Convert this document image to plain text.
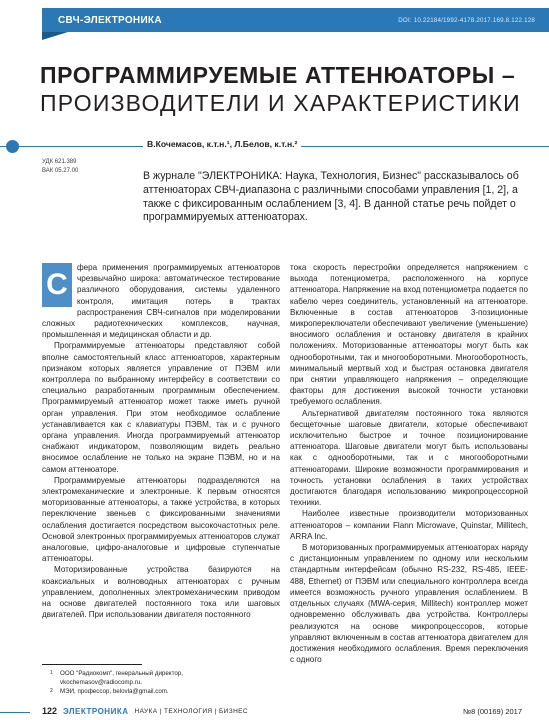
СВЧ-ЭЛЕКТРОНИКА	DOI: 10.22184/1992-4178.2017.169.8.122.128
ПРОГРАММИРУЕМЫЕ АТТЕНЮАТОРЫ –
ПРОИЗВОДИТЕЛИ И ХАРАКТЕРИСТИКИ
В.Кочемасов, к.т.н.¹, Л.Белов, к.т.н.²
УДК 621.389
ВАК 05.27.00	В журнале "ЭЛЕКТРОНИКА: Наука, Технология, Бизнес" рассказывалось об аттенюаторах СВЧ-диапазона с различными способами управления [1, 2], а также с фиксированным ослаблением [3, 4]. В данной статье речь пойдет о программируемых аттенюаторах.
С

фера применения программируемых аттенюаторов чрезвычайно широка: автоматическое тестирование различного оборудования, системы удаленного контроля, имитация потерь в трактах распространения СВЧ-сигналов при моделировании сложных радиотехнических комплексов, научная, промышленная и медицинская области и др.

Программируемые аттенюаторы представляют собой вполне самостоятельный класс аттенюаторов, характерным признаком которых является управление от ПЭВМ или контроллера по выбранному интерфейсу в соответствии со специально разработанным программным обеспечением. Программируемый аттенюатор может также иметь ручной орган управления. При этом необходимое ослабление устанавливается как с клавиатуры ПЭВМ, так и с ручного органа управления. Иногда программируемый аттенюатор снабжают индикатором, позволяющим видеть реально вносимое ослабление не только на экране ПЭВМ, но и на самом аттенюаторе.

Программируемые аттенюаторы подразделяются на электромеханические и электронные. К первым относятся моторизованные аттенюаторы, а также устройства, в которых переключение звеньев с фиксированными значениями ослабления достигается посредством высокочастотных реле. Основой электронных программируемых аттенюаторов служат аналоговые, цифро-аналоговые и цифровые ступенчатые аттенюаторы.

Моторизированные устройства базируются на коаксиальных и волноводных аттенюаторах с ручным управлением, дополненных электромеханическим приводом на основе двигателей постоянного тока или шаговых двигателей. При использовании двигателя постоянного

тока скорость перестройки определяется напряжением с выхода потенциометра, расположенного на корпусе аттенюатора. Напряжение на вход потенциометра подается по кабелю через соединитель, установленный на аттенюаторе. Включенные в состав аттенюаторов 3-позиционные микропереключатели обеспечивают увеличение (уменьшение) вносимого ослабления и остановку двигателя в крайних положениях. Моторизованные аттенюаторы могут быть как однооборотными, так и многооборотными. Многооборотность, минимальный мертвый ход и быстрая остановка двигателя при снятии управляющего напряжения – определяющие факторы для достижения высокой точности установки требуемого ослабления.

Альтернативой двигателям постоянного тока являются бесщеточные шаговые двигатели, которые обеспечивают исключительно быстрое и точное позиционирование аттенюатора. Шаговые двигатели могут быть использованы как с однооборотными, так и с многооборотными аттенюаторами. Широкие возможности программирования и точность установки ослабления в таких устройствах достигаются благодаря использованию микропроцессорной техники.

Наиболее известные производители моторизованных аттенюаторов – компании Flann Microwave, Quinstar, Millitech, ARRA Inc.

В моторизованных программируемых аттенюаторах наряду с дистанционным управлением по одному или нескольким стандартным интерфейсам (обычно RS-232, RS-485, IEEE-488, Ethernet) от ПЭВМ или специального контроллера всегда имеется возможность ручного управления ослаблением. В отдельных случаях (MWA-серия, Millitech) контроллер может одновременно обслуживать два устройства. Контроллеры реализуются на основе микропроцессоров, которые управляют включенным в состав аттенюатора двигателем для достижения необходимого ослабления. Время переключения с одного

1	ООО "Радиокомп", генеральный директор,
vkochemasov@radiocomp.ru.
2	МЭИ, профессор, belovla@gmail.com.
122 ЭЛЕКТРОНИКА НАУКА | ТЕХНОЛОГИЯ | БИЗНЕС	№8 (00169) 2017
